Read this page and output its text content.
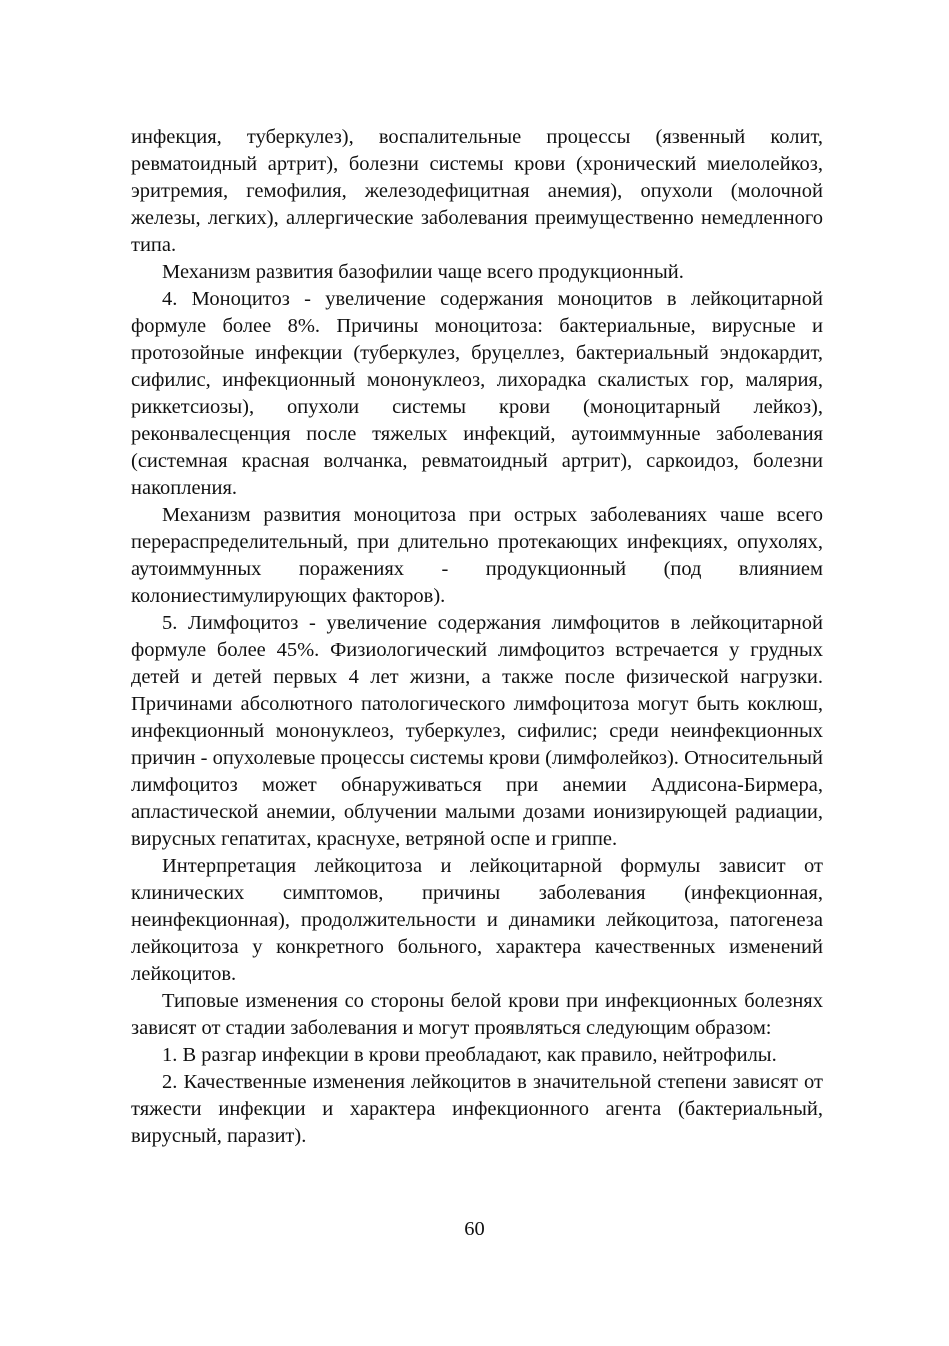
инфекция, туберкулез), воспалительные процессы (язвенный колит, ревматоидный артрит), болезни системы крови (хронический миелолейкоз, эритремия, гемофилия, железодефицитная анемия), опухоли (молочной железы, легких), аллергические заболевания преимущественно немедленного типа.

Механизм развития базофилии чаще всего продукционный.

4. Моноцитоз - увеличение содержания моноцитов в лейкоцитарной формуле более 8%. Причины моноцитоза: бактериальные, вирусные и протозойные инфекции (туберкулез, бруцеллез, бактериальный эндокардит, сифилис, инфекционный мононуклеоз, лихорадка скалистых гор, малярия, риккетсиозы), опухоли системы крови (моноцитарный лейкоз), реконвалесценция после тяжелых инфекций, аутоиммунные заболевания (системная красная волчанка, ревматоидный артрит), саркоидоз, болезни накопления.

Механизм развития моноцитоза при острых заболеваниях чаше всего перераспределительный, при длительно протекающих инфекциях, опухолях, аутоиммунных поражениях - продукционный (под влиянием колониестимулирующих факторов).

5. Лимфоцитоз - увеличение содержания лимфоцитов в лейкоцитарной формуле более 45%. Физиологический лимфоцитоз встречается у грудных детей и детей первых 4 лет жизни, а также после физической нагрузки. Причинами абсолютного патологического лимфоцитоза могут быть коклюш, инфекционный мононуклеоз, туберкулез, сифилис; среди неинфекционных причин - опухолевые процессы системы крови (лимфолейкоз). Относительный лимфоцитоз может обнаруживаться при анемии Аддисона-Бирмера, апластической анемии, облучении малыми дозами ионизирующей радиации, вирусных гепатитах, краснухе, ветряной оспе и гриппе.

Интерпретация лейкоцитоза и лейкоцитарной формулы зависит от клинических симптомов, причины заболевания (инфекционная, неинфекционная), продолжительности и динамики лейкоцитоза, патогенеза лейкоцитоза у конкретного больного, характера качественных изменений лейкоцитов.

Типовые изменения со стороны белой крови при инфекционных болезнях зависят от стадии заболевания и могут проявляться следующим образом:

1. В разгар инфекции в крови преобладают, как правило, нейтрофилы.

2. Качественные изменения лейкоцитов в значительной степени зависят от тяжести инфекции и характера инфекционного агента (бактериальный, вирусный, паразит).

60
